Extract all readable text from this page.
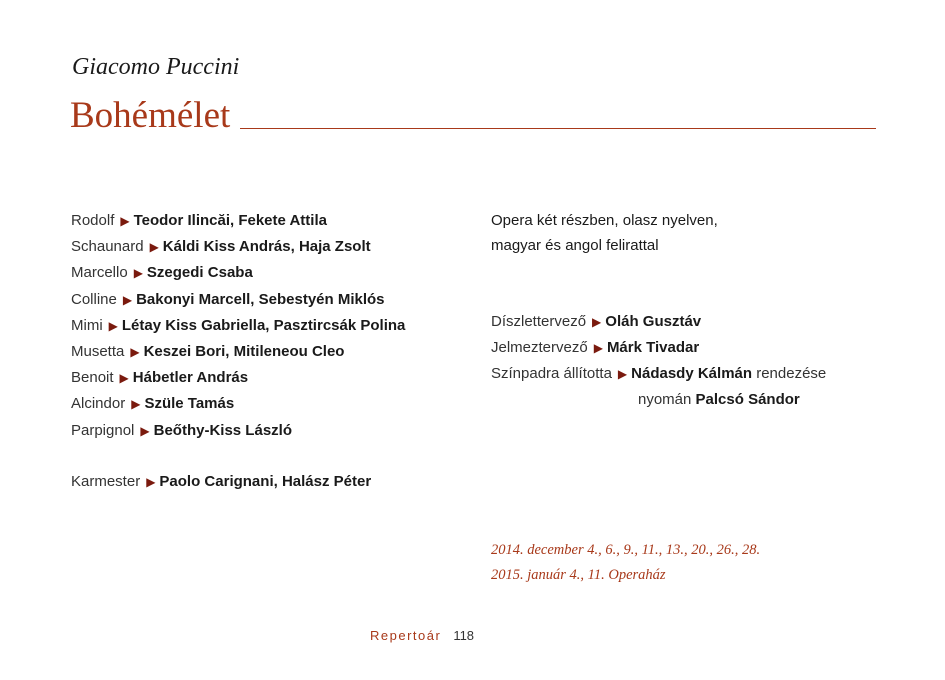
Giacomo Puccini
Bohémélet
Rodolf ▶ Teodor Ilincăi, Fekete Attila
Schaunard ▶ Káldi Kiss András, Haja Zsolt
Marcello ▶ Szegedi Csaba
Colline ▶ Bakonyi Marcell, Sebestyén Miklós
Mimi ▶ Létay Kiss Gabriella, Pasztircsák Polina
Musetta ▶ Keszei Bori, Mitileneou Cleo
Benoit ▶ Hábetler András
Alcindor ▶ Szüle Tamás
Parpignol ▶ Beőthy-Kiss László
Karmester ▶ Paolo Carignani, Halász Péter
Opera két részben, olasz nyelven,
magyar és angol felirattal
Díszlettervező ▶ Oláh Gusztáv
Jelmeztervező ▶ Márk Tivadar
Színpadra állította ▶ Nádasdy Kálmán rendezése
nyomán Palcsó Sándor
2014. december 4., 6., 9., 11., 13., 20., 26., 28.
2015. január 4., 11. Operaház
Repertoár 118
